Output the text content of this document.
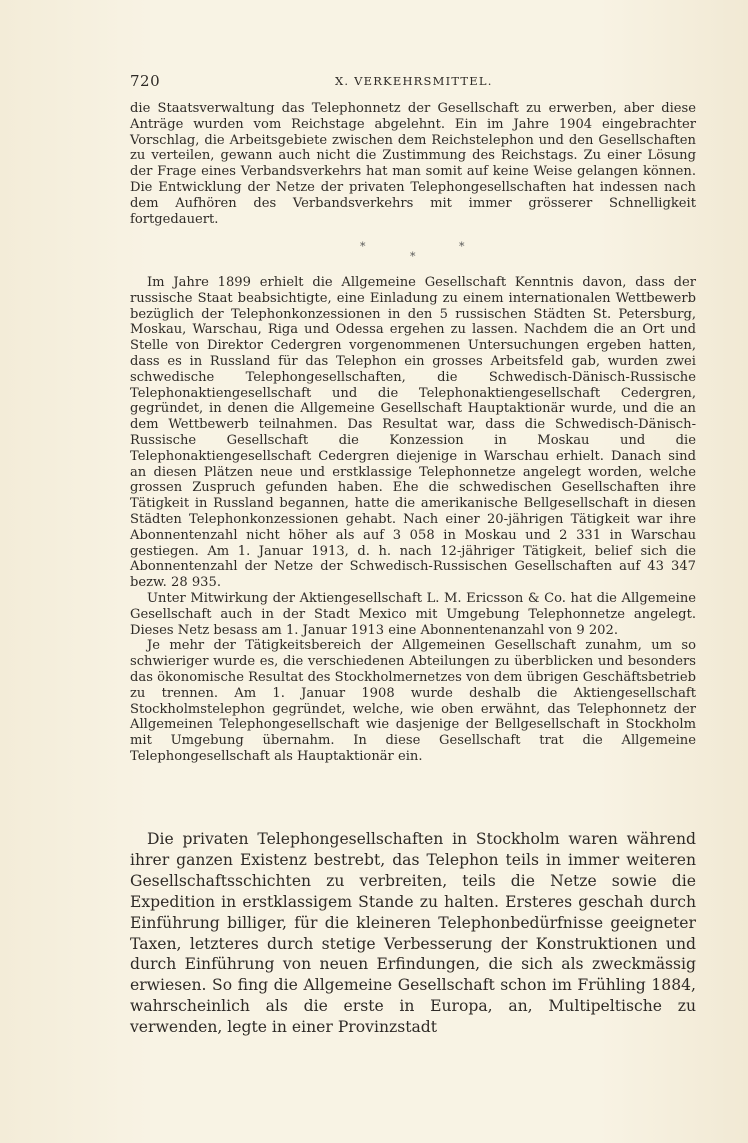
720	X. VERKEHRSMITTEL.

die Staatsverwaltung das Telephonnetz der Gesellschaft zu erwerben, aber diese Anträge wurden vom Reichstage abgelehnt. Ein im Jahre 1904 eingebrachter Vorschlag, die Arbeitsgebiete zwischen dem Reichstelephon und den Gesellschaften zu verteilen, gewann auch nicht die Zustimmung des Reichstags. Zu einer Lösung der Frage eines Verbandsverkehrs hat man somit auf keine Weise gelangen können. Die Entwicklung der Netze der privaten Telephongesellschaften hat indessen nach dem Aufhören des Verbandsverkehrs mit immer grösserer Schnelligkeit fortgedauert.

*	*
*

Im Jahre 1899 erhielt die Allgemeine Gesellschaft Kenntnis davon, dass der russische Staat beabsichtigte, eine Einladung zu einem internationalen Wettbewerb bezüglich der Telephonkonzessionen in den 5 russischen Städten St. Petersburg, Moskau, Warschau, Riga und Odessa ergehen zu lassen. Nachdem die an Ort und Stelle von Direktor Cedergren vorgenommenen Untersuchungen ergeben hatten, dass es in Russland für das Telephon ein grosses Arbeitsfeld gab, wurden zwei schwedische Telephongesellschaften, die Schwedisch-Dänisch-Russische Telephonaktiengesellschaft und die Telephonaktiengesellschaft Cedergren, gegründet, in denen die Allgemeine Gesellschaft Hauptaktionär wurde, und die an dem Wettbewerb teilnahmen. Das Resultat war, dass die Schwedisch-Dänisch-Russische Gesellschaft die Konzession in Moskau und die Telephonaktiengesellschaft Cedergren diejenige in Warschau erhielt. Danach sind an diesen Plätzen neue und erstklassige Telephonnetze angelegt worden, welche grossen Zuspruch gefunden haben. Ehe die schwedischen Gesellschaften ihre Tätigkeit in Russland begannen, hatte die amerikanische Bellgesellschaft in diesen Städten Telephonkonzessionen gehabt. Nach einer 20-jährigen Tätigkeit war ihre Abonnentenzahl nicht höher als auf 3 058 in Moskau und 2 331 in Warschau gestiegen. Am 1. Januar 1913, d. h. nach 12-jähriger Tätigkeit, belief sich die Abonnentenzahl der Netze der Schwedisch-Russischen Gesellschaften auf 43 347 bezw. 28 935.

Unter Mitwirkung der Aktiengesellschaft L. M. Ericsson & Co. hat die Allgemeine Gesellschaft auch in der Stadt Mexico mit Umgebung Telephonnetze angelegt. Dieses Netz besass am 1. Januar 1913 eine Abonnentenanzahl von 9 202.

Je mehr der Tätigkeitsbereich der Allgemeinen Gesellschaft zunahm, um so schwieriger wurde es, die verschiedenen Abteilungen zu überblicken und besonders das ökonomische Resultat des Stockholmernetzes von dem übrigen Geschäftsbetrieb zu trennen. Am 1. Januar 1908 wurde deshalb die Aktiengesellschaft Stockholmstelephon gegründet, welche, wie oben erwähnt, das Telephonnetz der Allgemeinen Telephongesellschaft wie dasjenige der Bellgesellschaft in Stockholm mit Umgebung übernahm. In diese Gesellschaft trat die Allgemeine Telephongesellschaft als Hauptaktionär ein.

Die privaten Telephongesellschaften in Stockholm waren während ihrer ganzen Existenz bestrebt, das Telephon teils in immer weiteren Gesellschaftsschichten zu verbreiten, teils die Netze sowie die Expedition in erstklassigem Stande zu halten. Ersteres geschah durch Einführung billiger, für die kleineren Telephonbedürfnisse geeigneter Taxen, letzteres durch stetige Verbesserung der Konstruktionen und durch Einführung von neuen Erfindungen, die sich als zweckmässig erwiesen. So fing die Allgemeine Gesellschaft schon im Frühling 1884, wahrscheinlich als die erste in Europa, an, Multipeltische zu verwenden, legte in einer Provinzstadt
